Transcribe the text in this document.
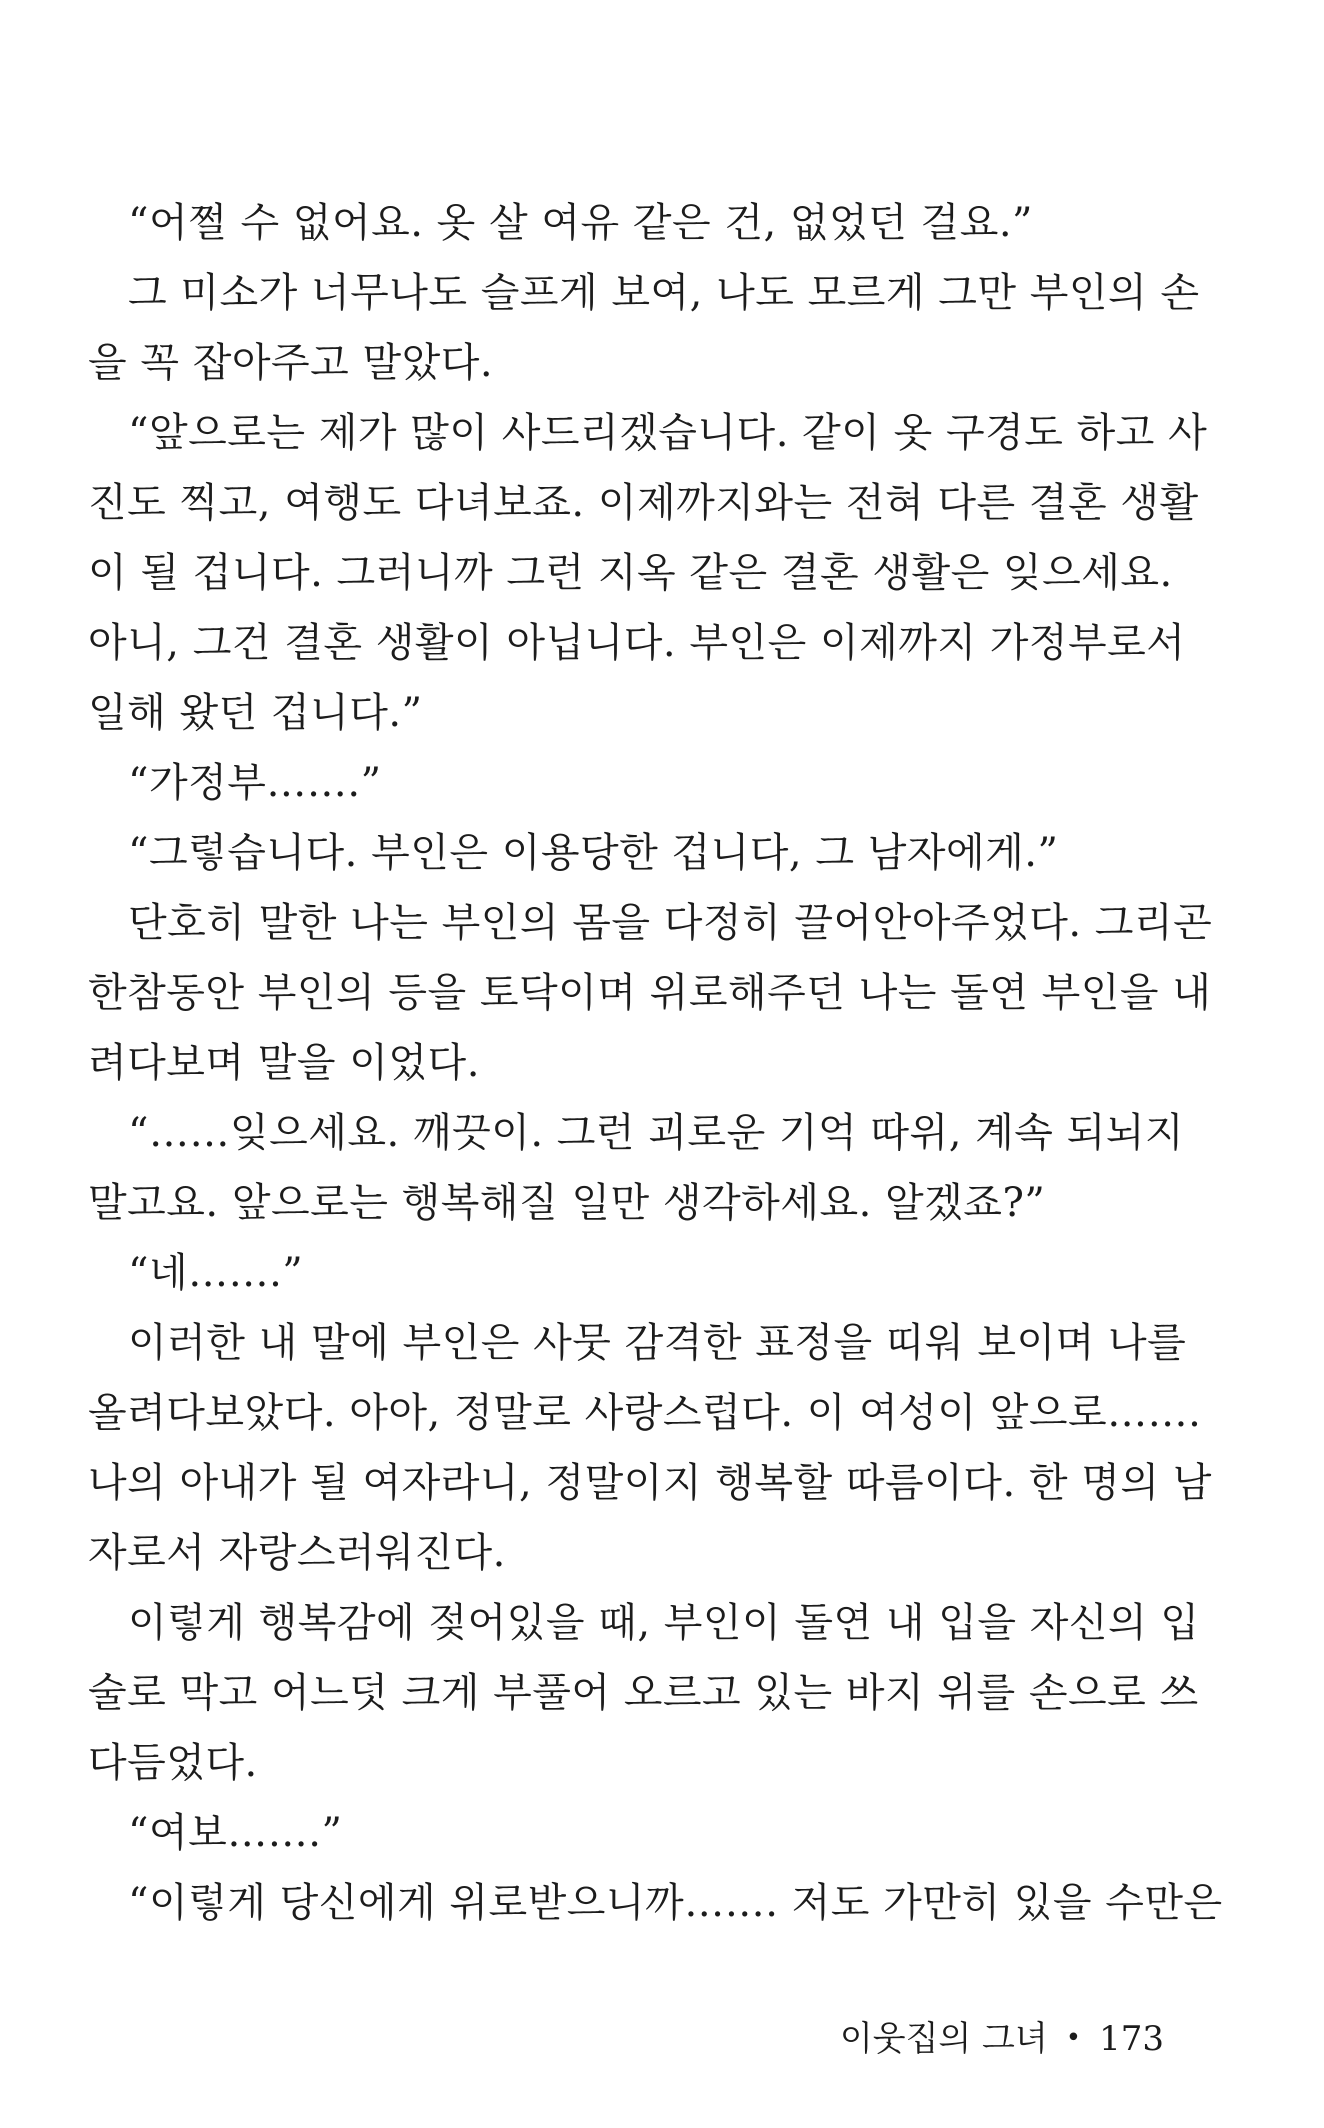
“어쩔 수 없어요. 옷 살 여유 같은 건, 없었던 걸요.”
그 미소가 너무나도 슬프게 보여, 나도 모르게 그만 부인의 손
을 꼭 잡아주고 말았다.
“앞으로는 제가 많이 사드리겠습니다. 같이 옷 구경도 하고 사
진도 찍고, 여행도 다녀보죠. 이제까지와는 전혀 다른 결혼 생활
이 될 겁니다. 그러니까 그런 지옥 같은 결혼 생활은 잊으세요.
아니, 그건 결혼 생활이 아닙니다. 부인은 이제까지 가정부로서
일해 왔던 겁니다.”
“가정부…….”
“그렇습니다. 부인은 이용당한 겁니다, 그 남자에게.”
단호히 말한 나는 부인의 몸을 다정히 끌어안아주었다. 그리곤
한참동안 부인의 등을 토닥이며 위로해주던 나는 돌연 부인을 내
려다보며 말을 이었다.
“……잊으세요. 깨끗이. 그런 괴로운 기억 따위, 계속 되뇌지
말고요. 앞으로는 행복해질 일만 생각하세요. 알겠죠?”
“네…….”
이러한 내 말에 부인은 사뭇 감격한 표정을 띠워 보이며 나를
올려다보았다. 아아, 정말로 사랑스럽다. 이 여성이 앞으로…….
나의 아내가 될 여자라니, 정말이지 행복할 따름이다. 한 명의 남
자로서 자랑스러워진다.
이렇게 행복감에 젖어있을 때, 부인이 돌연 내 입을 자신의 입
술로 막고 어느덧 크게 부풀어 오르고 있는 바지 위를 손으로 쓰
다듬었다.
“여보…….”
“이렇게 당신에게 위로받으니까……. 저도 가만히 있을 수만은
이웃집의 그녀 • 173
